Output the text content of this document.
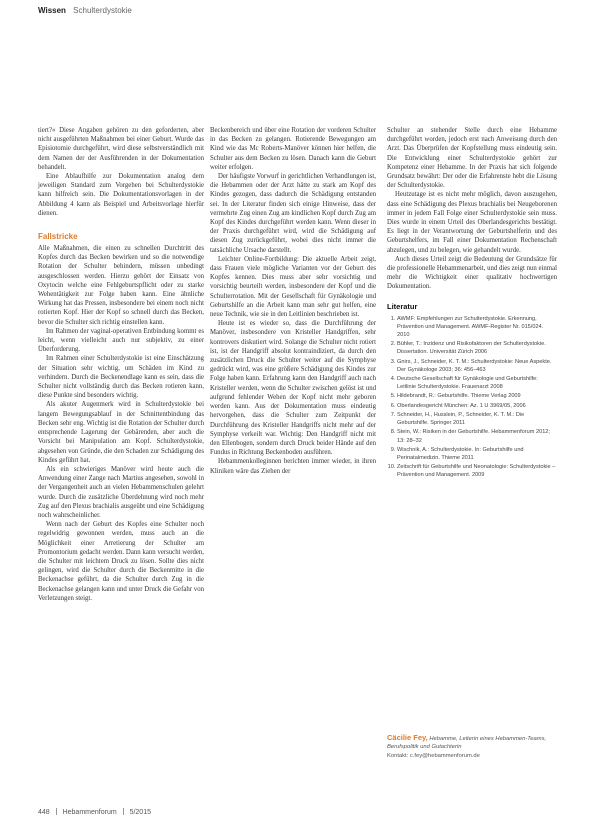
Wissen Schulterdystokie

tiert?« Diese Angaben gehören zu den geforderten, aber nicht ausgeführten Maßnahmen bei einer Geburt. Wurde das Episiotomie durchgeführt, wird diese selbstverständlich mit dem Namen der der Ausführenden in der Dokumentation behandelt.

Eine Ablaufhilfe zur Dokumentation analog dem jeweiligen Standard zum Vorgehen bei Schulterdystokie kann hilfreich sein. Die Dokumentationsvorlagen in der Abbildung 4 kann als Beispiel und Arbeitsvorlage hierfür dienen.

Fallstricke

Alle Maßnahmen, die einen zu schnellen Durchtritt des Kopfes durch das Becken bewirken und so die notwendige Rotation der Schulter behindern, müssen unbedingt ausgeschlossen werden. Hierzu gehört der Einsatz von Oxytocin welche eine Fehlgeburtspflicht oder zu starke Wehentätigkeit zur Folge haben kann. Eine ähnliche Wirkung hat das Pressen, insbesondere bei einem noch nicht rotierten Kopf. Hier der Kopf so schnell durch das Becken, bevor die Schulter sich richtig einstellen kann.

Im Rahmen der vaginal-operativen Entbindung kommt es leicht, wenn vielleicht auch nur subjektiv, zu einer Überforderung.

Im Rahmen einer Schulterdystokie ist eine Einschätzung der Situation sehr wichtig, um Schäden im Kind zu verhindern. Durch die Beckenendlage kann es sein, dass die Schulter nicht vollständig durch das Becken rotieren kann, diese Punkte sind besonders wichtig.

Als akuter Augenmerk wird in Schulterdystokie bei langem Bewegungsablauf in der Schnittentbindung das Becken sehr eng. Wichtig ist die Rotation der Schulter durch entsprechende Lagerung der Gebärenden, aber auch die Vorsicht bei Manipulation am Kopf. Schulterdystokie, abgesehen von Gründe, die den Schaden zur Schädigung des Kindes geführt hat.

Als ein schwieriges Manöver wird heute auch die Anwendung einer Zange nach Martius angesehen, sowohl in der Vergangenheit auch an vielen Hebammenschulen gelehrt wurde. Durch die zusätzliche Überdehnung wird noch mehr Zug auf den Plexus brachialis ausgeübt und eine Schädigung noch wahrscheinlicher.

Wenn nach der Geburt des Kopfes eine Schulter noch regelwidrig gewonnen werden, muss auch an die Möglichkeit einer Arretierung der Schulter am Promontorium gedacht werden. Dann kann versucht werden, die Schulter mit leichtem Druck zu lösen. Sollte dies nicht gelingen, wird die Schulter durch die Beckenmitte in die Beckenachse geführt, da die Schulter durch Zug in die Beckenachse gelangen kann und unter Druck die Gefahr von Verletzungen steigt.

Beckenbereich und über eine Rotation der vorderen Schulter in das Becken zu gelangen. Rotierende Bewegungen am Kind wie das Mc Roberts-Manöver können hier helfen, die Schulter aus dem Becken zu lösen. Danach kann die Geburt weiter erfolgen.

Der häufigste Vorwurf in gerichtlichen Verhandlungen ist, die Hebammen oder der Arzt hätte zu stark am Kopf des Kindes gezogen, dass dadurch die Schädigung entstanden sei. In der Literatur finden sich einige Hinweise, dass der vermehrte Zug einen Zug am kindlichen Kopf durch Zug am Kopf des Kindes durchgeführt werden kann. Wenn dieser in der Praxis durchgeführt wird, wird die Schädigung auf diesen Zug zurückgeführt, wobei dies nicht immer die tatsächliche Ursache darstellt.

Leichter Online-Fortbildung: Die aktuelle Arbeit zeigt, dass Frauen viele mögliche Varianten vor der Geburt des Kopfes kennen. Dies muss aber sehr vorsichtig und vorsichtig beurteilt werden, insbesondere der Kopf und die Schulterrotation. Mit der Gesellschaft für Gynäkologie und Geburtshilfe an die Arbeit kann man sehr gut helfen, eine neue Technik, wie sie in den Leitlinien beschrieben ist.

Heute ist es wieder so, dass die Durchführung der Manöver, insbesondere von Kristeller Handgriffen, sehr kontrovers diskutiert wird. Solange die Schulter nicht rotiert ist, ist der Handgriff absolut kontraindiziert, da durch den zusätzlichen Druck die Schulter weiter auf die Symphyse gedrückt wird, was eine größere Schädigung des Kindes zur Folge haben kann. Erfahrung kann den Handgriff auch nach Kristeller werden, wenn die Schulter zwischen gelöst ist und aufgrund fehlender Wehen der Kopf nicht mehr geboren werden kann. Aus der Dokumentation muss eindeutig hervorgehen, dass die Schulter zum Zeitpunkt der Durchführung des Kristeller Handgriffs nicht mehr auf der Symphyse verkeilt war. Wichtig: Den Handgriff nicht mit den Ellenbogen, sondern durch Druck beider Hände auf den Fundus in Richtung Beckenboden ausführen.

Hebammenkolleginnen berichten immer wieder, in ihren Kliniken wäre das Ziehen der

Schulter an stehender Stelle durch eine Hebamme durchgeführt worden, jedoch erst nach Anweisung durch den Arzt. Das Überprüfen der Kopfstellung muss eindeutig sein. Die Entwicklung einer Schulterdystokie gehört zur Kompetenz einer Hebamme. In der Praxis hat sich folgende Grundsatz bewährt: Der oder die Erfahrenste hebt die Lösung der Schulterdystokie.

Heutzutage ist es nicht mehr möglich, davon auszugehen, dass eine Schädigung des Plexus brachialis bei Neugeborenen immer in jedem Fall Folge einer Schulterdystokie sein muss. Dies wurde in einem Urteil des Oberlandesgerichts bestätigt. Es liegt in der Verantwortung der Geburtshelferin und des Geburtshelfers, im Fall einer Dokumentation Rechenschaft abzulegen, und zu belegen, wie gehandelt wurde.

Auch dieses Urteil zeigt die Bedeutung der Grundsätze für die professionelle Hebammenarbeit, und dies zeigt nun einmal mehr die Wichtigkeit einer qualitativ hochwertigen Dokumentation.

Literatur
1. AWMF: Empfehlungen zur Schulterdystokie. Erkennung, Prävention und Management. AWMF-Register Nr. 015/024. 2010
2. Bühler, T.: Inzidenz und Risikofaktoren der Schulterdystokie. Dissertation. Universität Zürich 2006
3. Gnirs, J., Schneider, K. T. M.: Schulterdystokie: Neue Aspekte. Der Gynäkologe 2003; 36: 456–463
4. Deutsche Gesellschaft für Gynäkologie und Geburtshilfe: Leitlinie Schulterdystokie. Frauenarzt 2008
5. Hildebrandt, R.: Geburtshilfe. Thieme Verlag 2009
6. Oberlandesgericht München: Az. 1 U 3969/05, 2006
7. Schneider, H., Husslein, P., Schneider, K. T. M.: Die Geburtshilfe. Springer 2011
8. Stein, W.: Risiken in der Geburtshilfe. Hebammenforum 2012; 13: 28–32
9. Wischnik, A.: Schulterdystokie. In: Geburtshilfe und Perinatalmedizin. Thieme 2011
10. Zeitschrift für Geburtshilfe und Neonatologie: Schulterdystokie – Prävention und Management. 2009
Cäcilie Fey, Hebamme, Leiterin eines Hebammen-Teams, Berufspolitik und Gutachterin
Kontakt: c.fey@hebammenforum.de
448 Hebammenforum 5/2015
